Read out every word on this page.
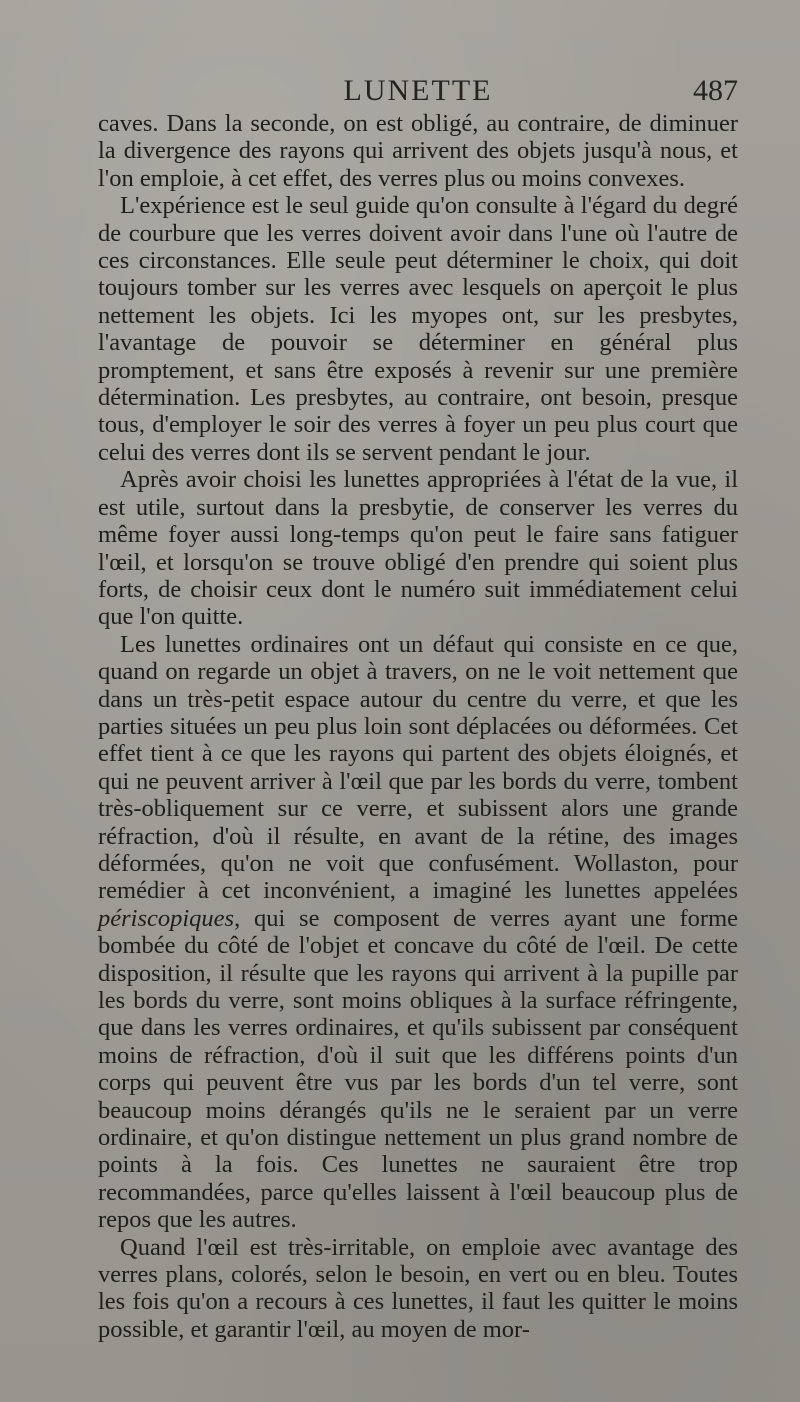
LUNETTE	487

caves. Dans la seconde, on est obligé, au contraire, de diminuer la divergence des rayons qui arrivent des objets jusqu'à nous, et l'on emploie, à cet effet, des verres plus ou moins convexes.

L'expérience est le seul guide qu'on consulte à l'égard du degré de courbure que les verres doivent avoir dans l'une où l'autre de ces circonstances. Elle seule peut déterminer le choix, qui doit toujours tomber sur les verres avec lesquels on aperçoit le plus nettement les objets. Ici les myopes ont, sur les presbytes, l'avantage de pouvoir se déterminer en général plus promptement, et sans être exposés à revenir sur une première détermination. Les presbytes, au contraire, ont besoin, presque tous, d'employer le soir des verres à foyer un peu plus court que celui des verres dont ils se servent pendant le jour.

Après avoir choisi les lunettes appropriées à l'état de la vue, il est utile, surtout dans la presbytie, de conserver les verres du même foyer aussi long-temps qu'on peut le faire sans fatiguer l'œil, et lorsqu'on se trouve obligé d'en prendre qui soient plus forts, de choisir ceux dont le numéro suit immédiatement celui que l'on quitte.

Les lunettes ordinaires ont un défaut qui consiste en ce que, quand on regarde un objet à travers, on ne le voit nettement que dans un très-petit espace autour du centre du verre, et que les parties situées un peu plus loin sont déplacées ou déformées. Cet effet tient à ce que les rayons qui partent des objets éloignés, et qui ne peuvent arriver à l'œil que par les bords du verre, tombent très-obliquement sur ce verre, et subissent alors une grande réfraction, d'où il résulte, en avant de la rétine, des images déformées, qu'on ne voit que confusément. Wollaston, pour remédier à cet inconvénient, a imaginé les lunettes appelées périscopiques, qui se composent de verres ayant une forme bombée du côté de l'objet et concave du côté de l'œil. De cette disposition, il résulte que les rayons qui arrivent à la pupille par les bords du verre, sont moins obliques à la surface réfringente, que dans les verres ordinaires, et qu'ils subissent par conséquent moins de réfraction, d'où il suit que les différens points d'un corps qui peuvent être vus par les bords d'un tel verre, sont beaucoup moins dérangés qu'ils ne le seraient par un verre ordinaire, et qu'on distingue nettement un plus grand nombre de points à la fois. Ces lunettes ne sauraient être trop recommandées, parce qu'elles laissent à l'œil beaucoup plus de repos que les autres.

Quand l'œil est très-irritable, on emploie avec avantage des verres plans, colorés, selon le besoin, en vert ou en bleu. Toutes les fois qu'on a recours à ces lunettes, il faut les quitter le moins possible, et garantir l'œil, au moyen de mor-
